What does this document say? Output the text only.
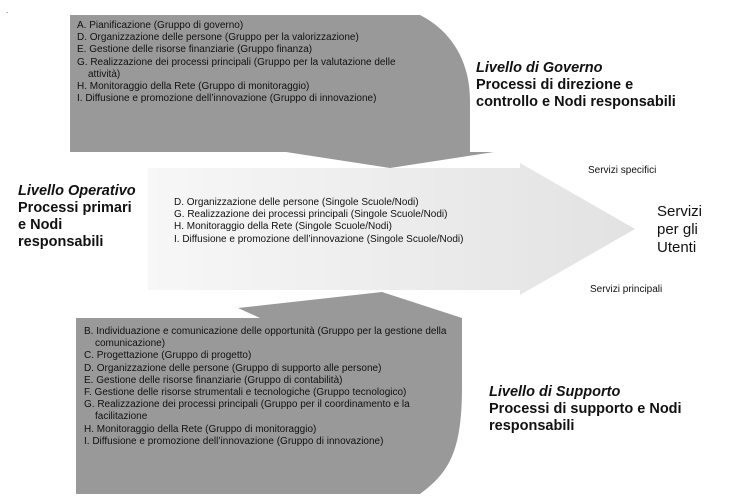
.
A. Pianificazione (Gruppo di governo)
D. Organizzazione delle persone (Gruppo per la valorizzazione)
E. Gestione delle risorse finanziarie (Gruppo finanza)
G. Realizzazione dei processi principali (Gruppo per la valutazione delle attività)
H. Monitoraggio della Rete (Gruppo di monitoraggio)
I. Diffusione e promozione dell’innovazione (Gruppo di innovazione)
Livello di Governo
Processi di direzione e controllo e Nodi responsabili
Livello Operativo
Processi primari e Nodi responsabili
D. Organizzazione delle persone (Singole Scuole/Nodi)
G. Realizzazione dei processi principali (Singole Scuole/Nodi)
H. Monitoraggio della Rete (Singole Scuole/Nodi)
I. Diffusione e promozione dell’innovazione (Singole Scuole/Nodi)
Servizi specifici
Servizi per gli Utenti
Servizi principali
B. Individuazione e comunicazione delle opportunità (Gruppo per la gestione della comunicazione)
C. Progettazione (Gruppo di progetto)
D. Organizzazione delle persone (Gruppo di supporto alle persone)
E. Gestione delle risorse finanziarie (Gruppo di contabilità)
F. Gestione delle risorse strumentali e tecnologiche (Gruppo tecnologico)
G. Realizzazione dei processi principali (Gruppo per il coordinamento e la facilitazione
H. Monitoraggio della Rete (Gruppo di monitoraggio)
I. Diffusione e promozione dell’innovazione (Gruppo di innovazione)
Livello di Supporto
Processi di supporto e Nodi responsabili
